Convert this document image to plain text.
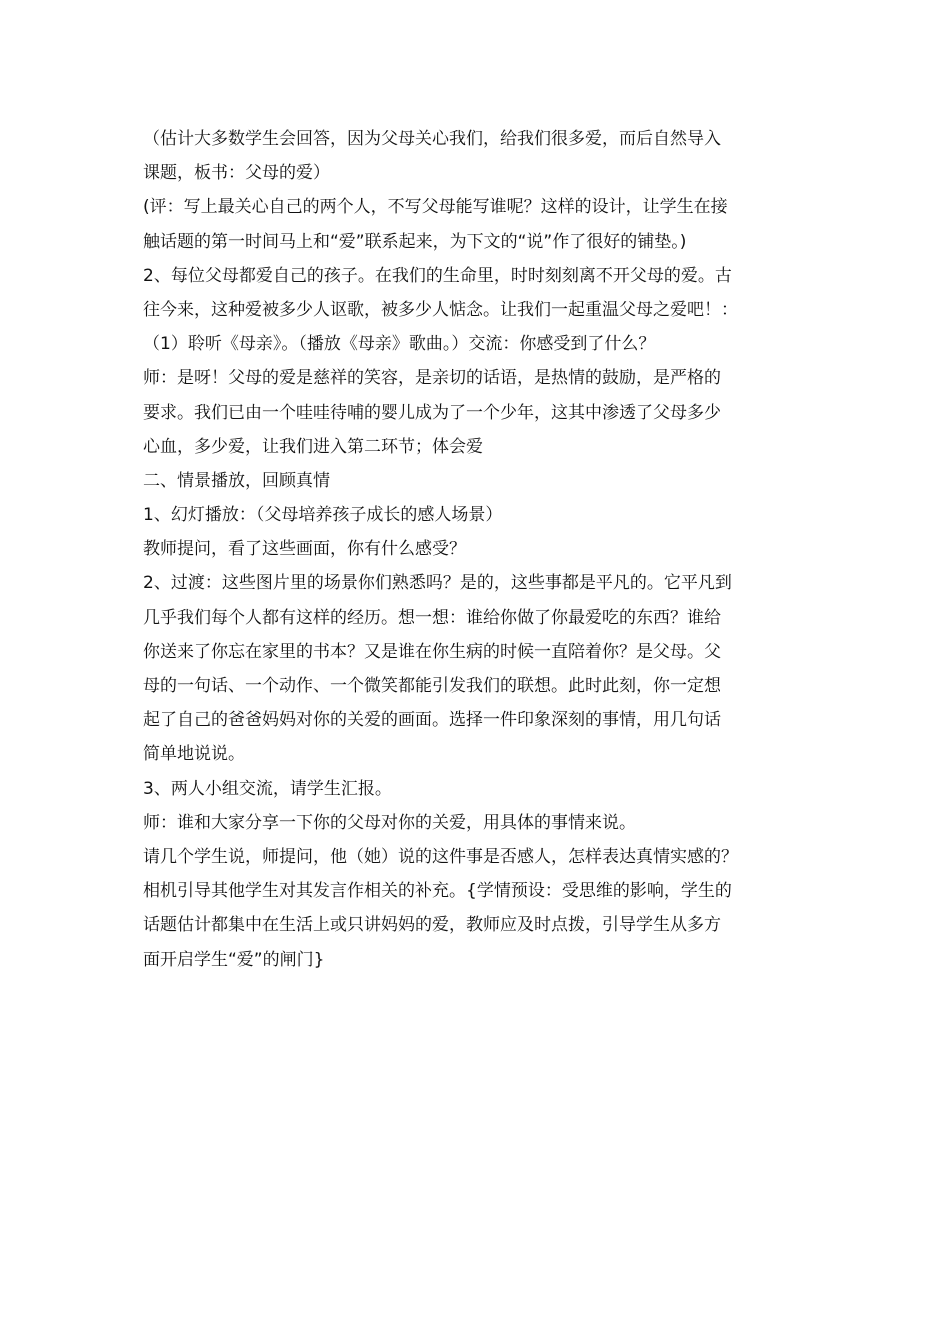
（估计大多数学生会回答，因为父母关心我们，给我们很多爱，而后自然导入
课题，板书：父母的爱）
(评：写上最关心自己的两个人，不写父母能写谁呢？这样的设计，让学生在接
触话题的第一时间马上和“爱”联系起来，为下文的“说”作了很好的铺垫。)
2、每位父母都爱自己的孩子。在我们的生命里，时时刻刻离不开父母的爱。古
往今来，这种爱被多少人讴歌，被多少人惦念。让我们一起重温父母之爱吧！：
（1）聆听《母亲》。（播放《母亲》歌曲。）交流：你感受到了什么？
师：是呀！父母的爱是慈祥的笑容，是亲切的话语，是热情的鼓励，是严格的
要求。我们已由一个哇哇待哺的婴儿成为了一个少年，这其中渗透了父母多少
心血，多少爱，让我们进入第二环节；体会爱
二、情景播放，回顾真情
1、幻灯播放：（父母培养孩子成长的感人场景）
教师提问，看了这些画面，你有什么感受？
2、过渡：这些图片里的场景你们熟悉吗？是的，这些事都是平凡的。它平凡到
几乎我们每个人都有这样的经历。想一想：谁给你做了你最爱吃的东西？谁给
你送来了你忘在家里的书本？又是谁在你生病的时候一直陪着你？是父母。父
母的一句话、一个动作、一个微笑都能引发我们的联想。此时此刻，你一定想
起了自己的爸爸妈妈对你的关爱的画面。选择一件印象深刻的事情，用几句话
简单地说说。
3、两人小组交流，请学生汇报。
师：谁和大家分享一下你的父母对你的关爱，用具体的事情来说。
请几个学生说，师提问，他（她）说的这件事是否感人，怎样表达真情实感的？
相机引导其他学生对其发言作相关的补充。{学情预设：受思维的影响，学生的
话题估计都集中在生活上或只讲妈妈的爱，教师应及时点拨，引导学生从多方
面开启学生“爱”的闸门}
